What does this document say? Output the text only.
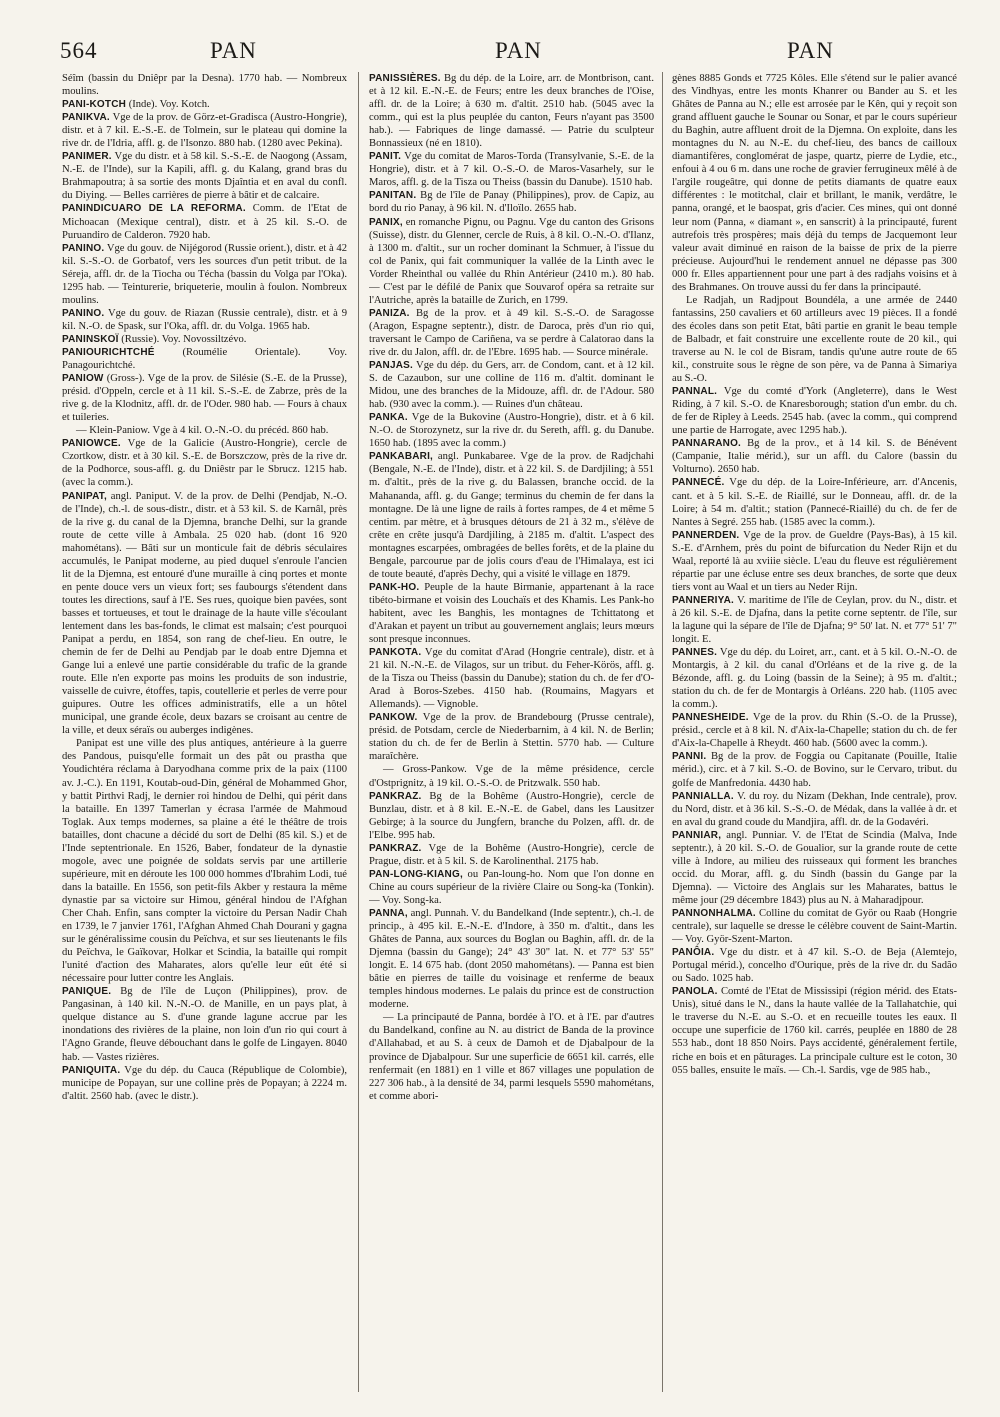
564	PAN	PAN	PAN

Séîm (bassin du Dniêpr par la Desna). 1770 hab. — Nombreux moulins.

PANI-KOTCH (Inde). Voy. Kotch.

PANIKVA. Vge de la prov. de Görz-et-Gradisca (Austro-Hongrie), distr. et à 7 kil. E.-S.-E. de Tolmein, sur le plateau qui domine la rive dr. de l'Idria, affl. g. de l'Isonzo. 880 hab. (1280 avec Pekina).

PANIMER. Vge du distr. et à 58 kil. S.-S.-E. de Naogong (Assam, N.-E. de l'Inde), sur la Kapili, affl. g. du Kalang, grand bras du Brahmapoutra; à sa sortie des monts Djaîntia et en aval du confl. du Diying. — Belles carrières de pierre à bâtir et de calcaire.

PANINDICUARO DE LA REFORMA. Comm. de l'Etat de Michoacan (Mexique central), distr. et à 25 kil. S.-O. de Puruandiro de Calderon. 7920 hab.

PANINO. Vge du gouv. de Nijégorod (Russie orient.), distr. et à 42 kil. S.-S.-O. de Gorbatof, vers les sources d'un petit tribut. de la Séreja, affl. dr. de la Tiocha ou Técha (bassin du Volga par l'Oka). 1295 hab. — Teinturerie, briqueterie, moulin à foulon. Nombreux moulins.

PANINO. Vge du gouv. de Riazan (Russie centrale), distr. et à 9 kil. N.-O. de Spask, sur l'Oka, affl. dr. du Volga. 1965 hab.

PANINSKOÏ (Russie). Voy. Novossiltzévo.

PANIOURICHTCHÉ	(Roumélie Orientale). Voy. Panagourichtché.

PANIOW (Gross-). Vge de la prov. de Silésie (S.-E. de la Prusse), présid. d'Oppeln, cercle et à 11 kil. S.-S.-E. de Zabrze, près de la rive g. de la Klodnitz, affl. dr. de l'Oder. 980 hab. — Fours à chaux et tuileries.

— Klein-Paniow. Vge à 4 kil. O.-N.-O. du précéd. 860 hab.

PANIOWCE. Vge de la Galicie (Austro-Hongrie), cercle de Czortkow, distr. et à 30 kil. S.-E. de Borszczow, près de la rive dr. de la Podhorce, sous-affl. g. du Dniêstr par le Sbrucz. 1215 hab. (avec la comm.).

PANIPAT, angl. Paniput. V. de la prov. de Delhi (Pendjab, N.-O. de l'Inde), ch.-l. de sous-distr., distr. et à 53 kil. S. de Karnâl, près de la rive g. du canal de la Djemna, branche Delhi, sur la grande route de cette ville à Ambala. 25 020 hab. (dont 16 920 mahométans). — Bâti sur un monticule fait de débris séculaires accumulés, le Panipat moderne, au pied duquel s'enroule l'ancien lit de la Djemna, est entouré d'une muraille à cinq portes et monte en pente douce vers un vieux fort; ses faubourgs s'étendent dans toutes les directions, sauf à l'E. Ses rues, quoique bien pavées, sont basses et tortueuses, et tout le drainage de la haute ville s'écoulant lentement dans les bas-fonds, le climat est malsain; c'est pourquoi Panipat a perdu, en 1854, son rang de chef-lieu. En outre, le chemin de fer de Delhi au Pendjab par le doab entre Djemna et Gange lui a enlevé une partie considérable du trafic de la grande route. Elle n'en exporte pas moins les produits de son industrie, vaisselle de cuivre, étoffes, tapis, coutellerie et perles de verre pour guipures. Outre les offices administratifs, elle a un hôtel municipal, une grande école, deux bazars se croisant au centre de la ville, et deux séraïs ou auberges indigènes.

Panipat est une ville des plus antiques, antérieure à la guerre des Pandous, puisqu'elle formait un des pât ou prastha que Youdichtéra réclama à Daryodhana comme prix de la paix (1100 av. J.-C.). En 1191, Koutab-oud-Din, général de Mohammed Ghor, y battit Pirthvi Radj, le dernier roi hindou de Delhi, qui périt dans la bataille. En 1397 Tamerlan y écrasa l'armée de Mahmoud Toglak. Aux temps modernes, sa plaine a été le théâtre de trois batailles, dont chacune a décidé du sort de Delhi (85 kil. S.) et de l'Inde septentrionale. En 1526, Baber, fondateur de la dynastie mogole, avec une poignée de soldats servis par une artillerie supérieure, mit en déroute les 100 000 hommes d'Ibrahim Lodi, tué dans la bataille. En 1556, son petit-fils Akber y restaura la même dynastie par sa victoire sur Himou, général hindou de l'Afghan Cher Chah. Enfin, sans compter la victoire du Persan Nadir Chah en 1739, le 7 janvier 1761, l'Afghan Ahmed Chah Dourani y gagna sur le généralissime cousin du Peïchva, et sur ses lieutenants le fils du Peïchva, le Gaïkovar, Holkar et Scindia, la bataille qui rompit l'unité d'action des Maharates, alors qu'elle leur eût été si nécessaire pour lutter contre les Anglais.

PANIQUE. Bg de l'île de Luçon (Philippines), prov. de Pangasinan, à 140 kil. N.-N.-O. de Manille, en un pays plat, à quelque distance au S. d'une grande lagune accrue par les inondations des rivières de la plaine, non loin d'un rio qui court à l'Agno Grande, fleuve débouchant dans le golfe de Lingayen. 8040 hab. — Vastes rizières.

PANIQUITA. Vge du dép. du Cauca (République de Colombie), municipe de Popayan, sur une colline près de Popayan; à 2224 m. d'altit. 2560 hab. (avec le distr.).

PANISSIÈRES. Bg du dép. de la Loire, arr. de Montbrison, cant. et à 12 kil. E.-N.-E. de Feurs; entre les deux branches de l'Oise, affl. dr. de la Loire; à 630 m. d'altit. 2510 hab. (5045 avec la comm., qui est la plus peuplée du canton, Feurs n'ayant pas 3500 hab.). — Fabriques de linge damassé. — Patrie du sculpteur Bonnassieux (né en 1810).

PANIT. Vge du comitat de Maros-Torda (Transylvanie, S.-E. de la Hongrie), distr. et à 7 kil. O.-S.-O. de Maros-Vasarhely, sur le Maros, affl. g. de la Tisza ou Theiss (bassin du Danube). 1510 hab.

PANITAN. Bg de l'île de Panay (Philippines), prov. de Capiz, au bord du rio Panay, à 96 kil. N. d'Iloïlo. 2655 hab.

PANIX, en romanche Pignu, ou Pagnu. Vge du canton des Grisons (Suisse), distr. du Glenner, cercle de Ruis, à 8 kil. O.-N.-O. d'Ilanz, à 1300 m. d'altit., sur un rocher dominant la Schmuer, à l'issue du col de Panix, qui fait communiquer la vallée de la Linth avec le Vorder Rheinthal ou vallée du Rhin Antérieur (2410 m.). 80 hab. — C'est par le défilé de Panix que Souvarof opéra sa retraite sur l'Autriche, après la bataille de Zurich, en 1799.

PANIZA. Bg de la prov. et à 49 kil. S.-S.-O. de Saragosse (Aragon, Espagne septentr.), distr. de Daroca, près d'un rio qui, traversant le Campo de Cariñena, va se perdre à Calatorao dans la rive dr. du Jalon, affl. dr. de l'Ebre. 1695 hab. — Source minérale.

PANJAS. Vge du dép. du Gers, arr. de Condom, cant. et à 12 kil. S. de Cazaubon, sur une colline de 116 m. d'altit. dominant le Midou, une des branches de la Midouze, affl. dr. de l'Adour. 580 hab. (930 avec la comm.). — Ruines d'un château.

PANKA. Vge de la Bukovine (Austro-Hongrie), distr. et à 6 kil. N.-O. de Storozynetz, sur la rive dr. du Sereth, affl. g. du Danube. 1650 hab. (1895 avec la comm.)

PANKABARI, angl. Punkabaree. Vge de la prov. de Radjchahi (Bengale, N.-E. de l'Inde), distr. et à 22 kil. S. de Dardjiling; à 551 m. d'altit., près de la rive g. du Balassen, branche occid. de la Mahananda, affl. g. du Gange; terminus du chemin de fer dans la montagne. De là une ligne de rails à fortes rampes, de 4 et même 5 centim. par mètre, et à brusques détours de 21 à 32 m., s'élève de crête en crête jusqu'à Dardjiling, à 2185 m. d'altit. L'aspect des montagnes escarpées, ombragées de belles forêts, et de la plaine du Bengale, parcourue par de jolis cours d'eau de l'Himalaya, est ici de toute beauté, d'après Dechy, qui a visité le village en 1879.

PANK-HO. Peuple de la haute Birmanie, appartenant à la race tibéto-birmane et voisin des Louchaïs et des Khamis. Les Pank-ho habitent, avec les Banghis, les montagnes de Tchittatong et d'Arakan et payent un tribut au gouvernement anglais; leurs mœurs sont presque inconnues.

PANKOTA. Vge du comitat d'Arad (Hongrie centrale), distr. et à 21 kil. N.-N.-E. de Vilagos, sur un tribut. du Feher-Körös, affl. g. de la Tisza ou Theiss (bassin du Danube); station du ch. de fer d'O-Arad à Boros-Szebes. 4150 hab. (Roumains, Magyars et Allemands). — Vignoble.

PANKOW. Vge de la prov. de Brandebourg (Prusse centrale), présid. de Potsdam, cercle de Niederbarnim, à 4 kil. N. de Berlin; station du ch. de fer de Berlin à Stettin. 5770 hab. — Culture maraîchère.

— Gross-Pankow. Vge de la même présidence, cercle d'Ostprignitz, à 19 kil. O.-S.-O. de Pritzwalk. 550 hab.

PANKRAZ. Bg de la Bohême (Austro-Hongrie), cercle de Bunzlau, distr. et à 8 kil. E.-N.-E. de Gabel, dans les Lausitzer Gebirge; à la source du Jungfern, branche du Polzen, affl. dr. de l'Elbe. 995 hab.

PANKRAZ. Vge de la Bohême (Austro-Hongrie), cercle de Prague, distr. et à 5 kil. S. de Karolinenthal. 2175 hab.

PAN-LONG-KIANG, ou Pan-loung-ho. Nom que l'on donne en Chine au cours supérieur de la rivière Claire ou Song-ka (Tonkin). — Voy. Song-ka.

PANNA, angl. Punnah. V. du Bandelkand (Inde septentr.), ch.-l. de princip., à 495 kil. E.-N.-E. d'Indore, à 350 m. d'altit., dans les Ghâtes de Panna, aux sources du Boglan ou Baghin, affl. dr. de la Djemna (bassin du Gange); 24° 43' 30" lat. N. et 77° 53' 55" longit. E. 14 675 hab. (dont 2050 mahométans). — Panna est bien bâtie en pierres de taille du voisinage et renferme de beaux temples hindous modernes. Le palais du prince est de construction moderne.

— La principauté de Panna, bordée à l'O. et à l'E. par d'autres du Bandelkand, confine au N. au district de Banda de la province d'Allahabad, et au S. à ceux de Damoh et de Djabalpour de la province de Djabalpour. Sur une superficie de 6651 kil. carrés, elle renfermait (en 1881) en 1 ville et 867 villages une population de 227 306 hab., à la densité de 34, parmi lesquels 5590 mahométans, et comme abori-

gènes 8885 Gonds et 7725 Kôles. Elle s'étend sur le palier avancé des Vindhyas, entre les monts Khanrer ou Bander au S. et les Ghâtes de Panna au N.; elle est arrosée par le Kên, qui y reçoit son grand affluent gauche le Sounar ou Sonar, et par le cours supérieur du Baghin, autre affluent droit de la Djemna. On exploite, dans les montagnes du N. au N.-E. du chef-lieu, des bancs de cailloux diamantifères, conglomérat de jaspe, quartz, pierre de Lydie, etc., enfoui à 4 ou 6 m. dans une roche de gravier ferrugineux mêlé à de l'argile rougeâtre, qui donne de petits diamants de quatre eaux différentes : le motitchal, clair et brillant, le manik, verdâtre, le panna, orangé, et le baospat, gris d'acier. Ces mines, qui ont donné leur nom (Panna, « diamant », en sanscrit) à la principauté, furent autrefois très prospères; mais déjà du temps de Jacquemont leur valeur avait diminué en raison de la baisse de prix de la pierre précieuse. Aujourd'hui le rendement annuel ne dépasse pas 300 000 fr. Elles appartiennent pour une part à des radjahs voisins et à des Brahmanes. On trouve aussi du fer dans la principauté.

Le Radjah, un Radjpout Boundéla, a une armée de 2440 fantassins, 250 cavaliers et 60 artilleurs avec 19 pièces. Il a fondé des écoles dans son petit Etat, bâti partie en granit le beau temple de Balbadr, et fait construire une excellente route de 20 kil., qui traverse au N. le col de Bisram, tandis qu'une autre route de 65 kil., construite sous le règne de son père, va de Panna à Simariya au S.-O.

PANNAL. Vge du comté d'York (Angleterre), dans le West Riding, à 7 kil. S.-O. de Knaresborough; station d'un embr. du ch. de fer de Ripley à Leeds. 2545 hab. (avec la comm., qui comprend une partie de Harrogate, avec 1295 hab.).

PANNARANO. Bg de la prov., et à 14 kil. S. de Bénévent (Campanie, Italie mérid.), sur un affl. du Calore (bassin du Volturno). 2650 hab.

PANNECÉ. Vge du dép. de la Loire-Inférieure, arr. d'Ancenis, cant. et à 5 kil. S.-E. de Riaillé, sur le Donneau, affl. dr. de la Loire; à 54 m. d'altit.; station (Pannecé-Riaillé) du ch. de fer de Nantes à Segré. 255 hab. (1585 avec la comm.).

PANNERDEN. Vge de la prov. de Gueldre (Pays-Bas), à 15 kil. S.-E. d'Arnhem, près du point de bifurcation du Neder Rijn et du Waal, reporté là au xviiie siècle. L'eau du fleuve est régulièrement répartie par une écluse entre ses deux branches, de sorte que deux tiers vont au Waal et un tiers au Neder Rijn.

PANNERIYA. V. maritime de l'île de Ceylan, prov. du N., distr. et à 26 kil. S.-E. de Djafna, dans la petite corne septentr. de l'île, sur la lagune qui la sépare de l'île de Djafna; 9° 50' lat. N. et 77° 51' 7" longit. E.

PANNES. Vge du dép. du Loiret, arr., cant. et à 5 kil. O.-N.-O. de Montargis, à 2 kil. du canal d'Orléans et de la rive g. de la Bézonde, affl. g. du Loing (bassin de la Seine); à 95 m. d'altit.; station du ch. de fer de Montargis à Orléans. 220 hab. (1105 avec la comm.).

PANNESHEIDE. Vge de la prov. du Rhin (S.-O. de la Prusse), présid., cercle et à 8 kil. N. d'Aix-la-Chapelle; station du ch. de fer d'Aix-la-Chapelle à Rheydt. 460 hab. (5600 avec la comm.).

PANNI. Bg de la prov. de Foggia ou Capitanate (Pouille, Italie mérid.), circ. et à 7 kil. S.-O. de Bovino, sur le Cervaro, tribut. du golfe de Manfredonia. 4430 hab.

PANNIALLA. V. du roy. du Nizam (Dekhan, Inde centrale), prov. du Nord, distr. et à 36 kil. S.-S.-O. de Médak, dans la vallée à dr. et en aval du grand coude du Mandjira, affl. dr. de la Godavéri.

PANNIAR, angl. Punniar. V. de l'Etat de Scindia (Malva, Inde septentr.), à 20 kil. S.-O. de Goualior, sur la grande route de cette ville à Indore, au milieu des ruisseaux qui forment les branches occid. du Morar, affl. g. du Sindh (bassin du Gange par la Djemna). — Victoire des Anglais sur les Maharates, battus le même jour (29 décembre 1843) plus au N. à Maharadjpour.

PANNONHALMA. Colline du comitat de Györ ou Raab (Hongrie centrale), sur laquelle se dresse le célèbre couvent de Saint-Martin. — Voy. Györ-Szent-Marton.

PANÔIA. Vge du distr. et à 47 kil. S.-O. de Beja (Alemtejo, Portugal mérid.), concelho d'Ourique, près de la rive dr. du Sadão ou Sado. 1025 hab.

PANOLA. Comté de l'Etat de Mississipi (région mérid. des Etats-Unis), situé dans le N., dans la haute vallée de la Tallahatchie, qui le traverse du N.-E. au S.-O. et en recueille toutes les eaux. Il occupe une superficie de 1760 kil. carrés, peuplée en 1880 de 28 553 hab., dont 18 850 Noirs. Pays accidenté, généralement fertile, riche en bois et en pâturages. La principale culture est le coton, 30 055 balles, ensuite le maïs. — Ch.-l. Sardis, vge de 985 hab.,
